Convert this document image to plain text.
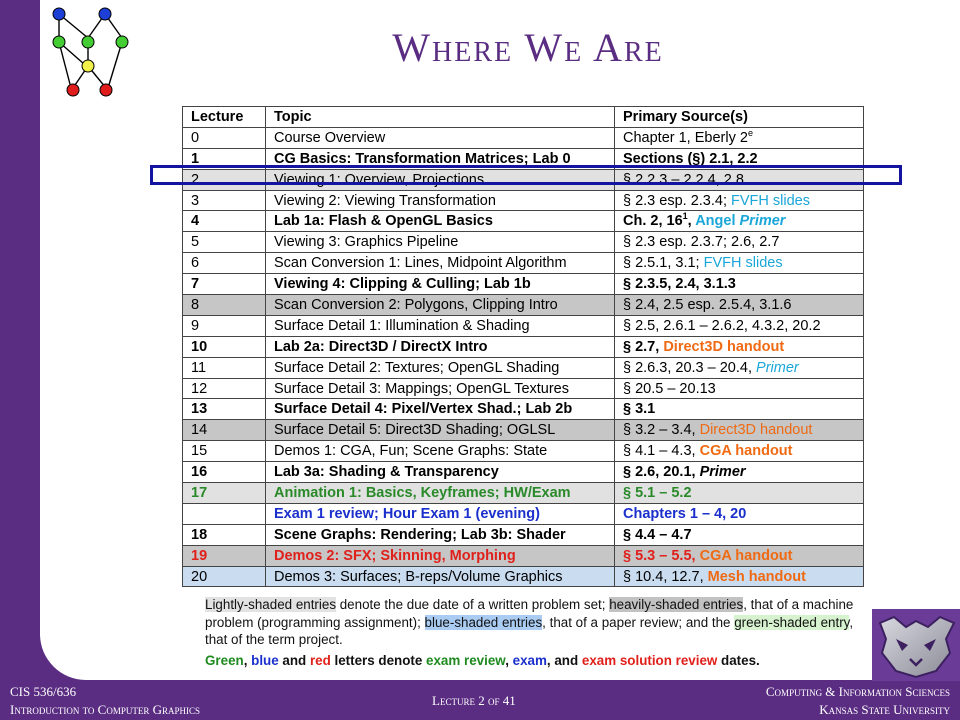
Where We Are
Lecture	Topic	Primary Source(s)
0	Course Overview	Chapter 1, Eberly 2e
1	CG Basics: Transformation Matrices; Lab 0	Sections (§) 2.1, 2.2
2	Viewing 1: Overview, Projections	§ 2.2.3 – 2.2.4, 2.8
3	Viewing 2: Viewing Transformation	§ 2.3 esp. 2.3.4; FVFH slides
4	Lab 1a: Flash & OpenGL Basics	Ch. 2, $16^1$, Angel Primer
5	Viewing 3: Graphics Pipeline	§ 2.3 esp. 2.3.7; 2.6, 2.7
6	Scan Conversion 1: Lines, Midpoint Algorithm	§ 2.5.1, 3.1; FVFH slides
7	Viewing 4: Clipping & Culling; Lab 1b	§ 2.3.5, 2.4, 3.1.3
8	Scan Conversion 2: Polygons, Clipping Intro	§ 2.4, 2.5 esp. 2.5.4, 3.1.6
9	Surface Detail 1: Illumination & Shading	§ 2.5, 2.6.1 – 2.6.2, 4.3.2, 20.2
10	Lab 2a: Direct3D / DirectX Intro	§ 2.7, Direct3D handout
11	Surface Detail 2: Textures; OpenGL Shading	§ 2.6.3, 20.3 – 20.4, Primer
12	Surface Detail 3: Mappings; OpenGL Textures	§ 20.5 – 20.13
13	Surface Detail 4: Pixel/Vertex Shad.; Lab 2b	§ 3.1
14	Surface Detail 5: Direct3D Shading; OGLSL	§ 3.2 – 3.4, Direct3D handout
15	Demos 1: CGA, Fun; Scene Graphs: State	§ 4.1 – 4.3, CGA handout
16	Lab 3a: Shading & Transparency	§ 2.6, 20.1, Primer
17	Animation 1: Basics, Keyframes; HW/Exam	§ 5.1 – 5.2
	Exam 1 review; Hour Exam 1 (evening)	Chapters 1 – 4, 20
18	Scene Graphs: Rendering; Lab 3b: Shader	§ 4.4 – 4.7
19	Demos 2: SFX; Skinning, Morphing	§ 5.3 – 5.5, CGA handout
20	Demos 3: Surfaces; B-reps/Volume Graphics	§ 10.4, 12.7, Mesh handout
Lightly-shaded entries denote the due date of a written problem set; heavily-shaded entries, that of a machine problem (programming assignment); blue-shaded entries, that of a paper review; and the green-shaded entry, that of the term project.
Green, blue and red letters denote exam review, exam, and exam solution review dates.
CIS 536/636
Introduction to Computer Graphics
Lecture 2 of 41
Computing & Information Sciences
Kansas State University
